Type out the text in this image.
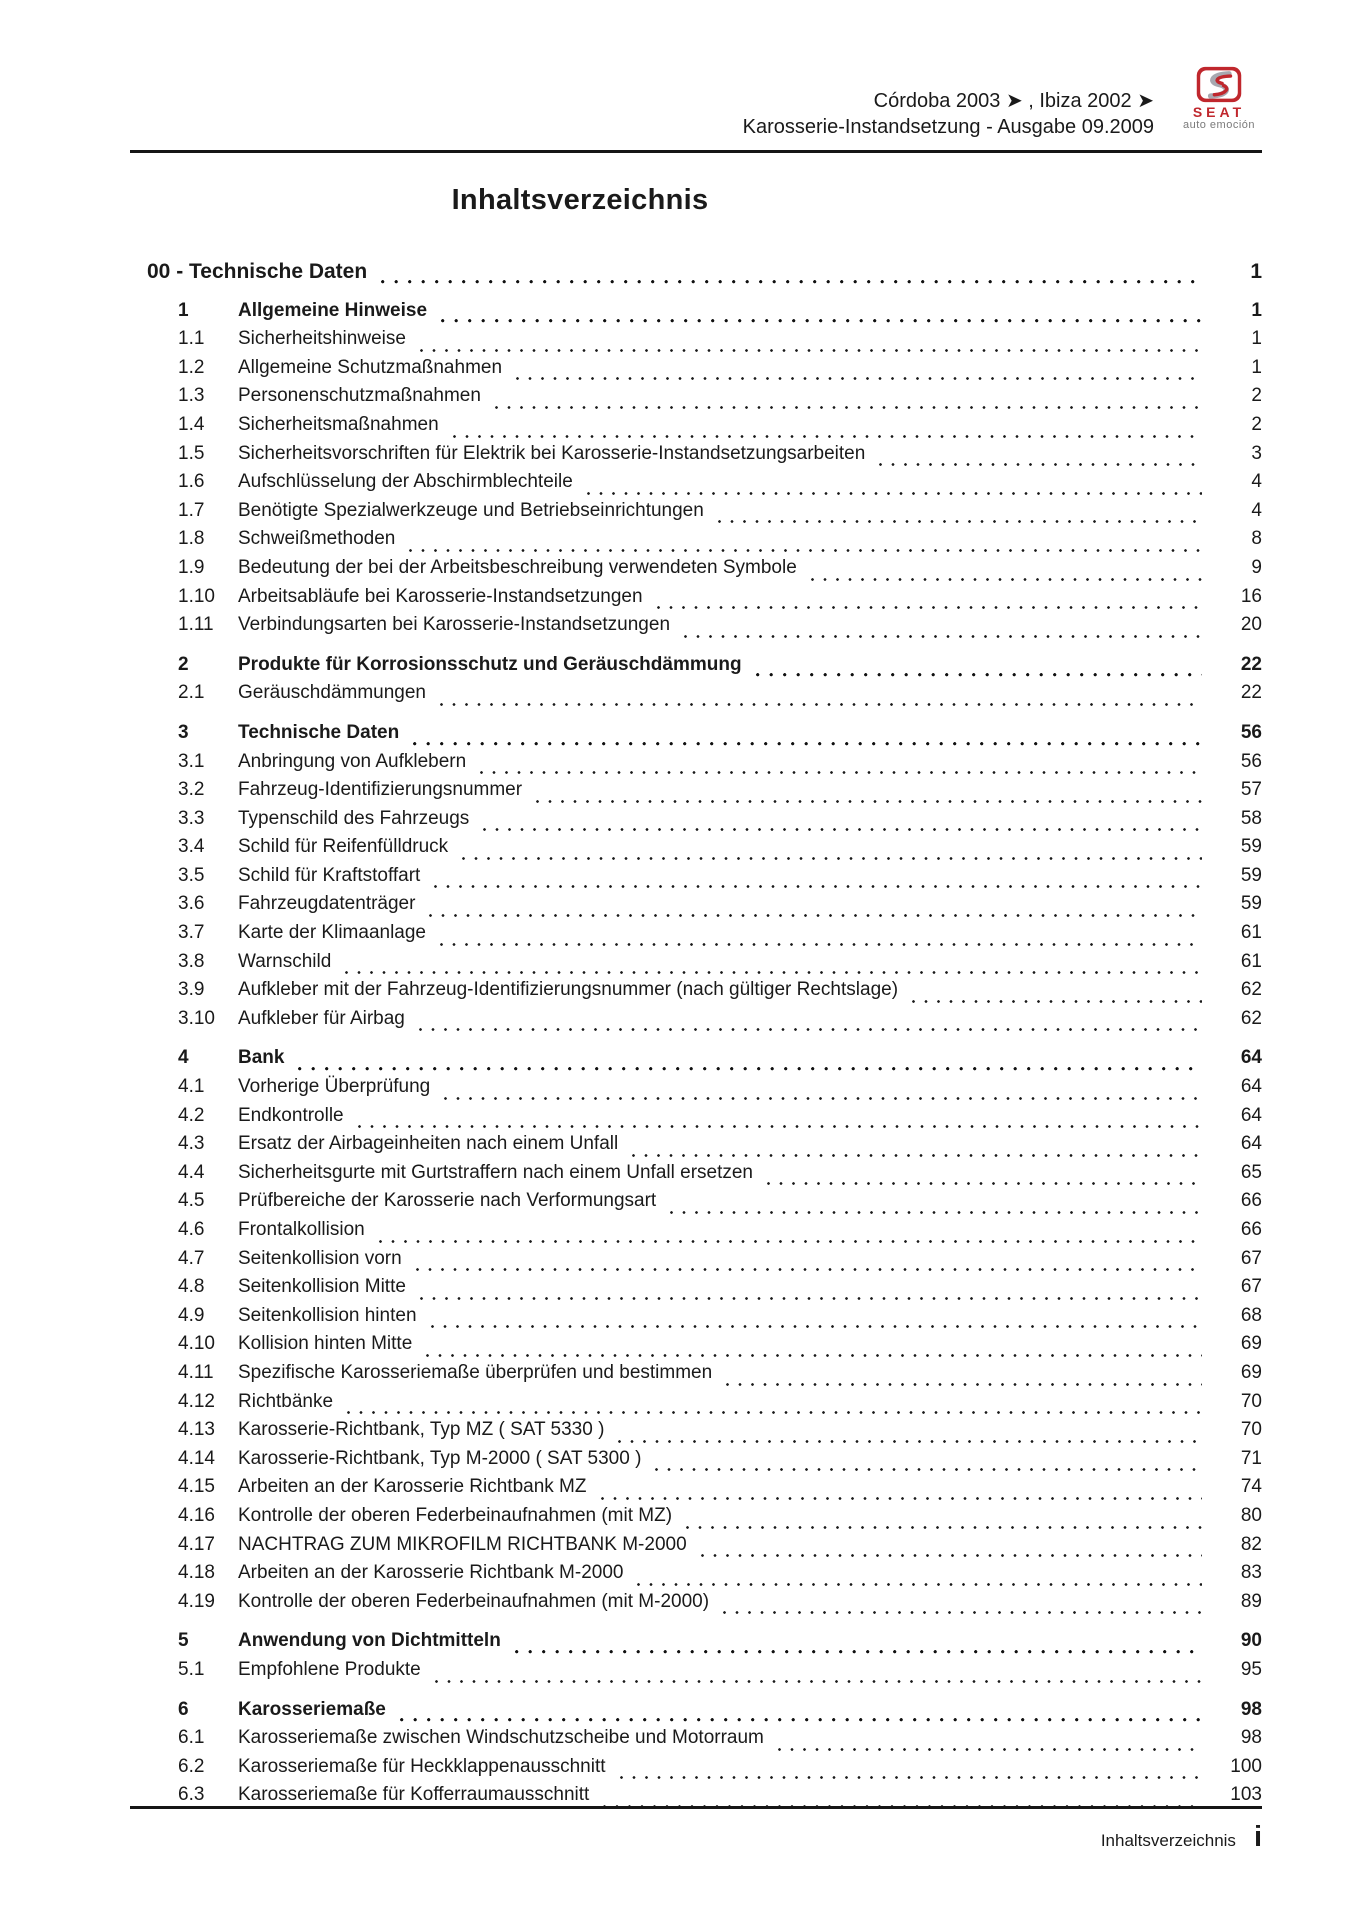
Córdoba 2003 ➤ , Ibiza 2002 ➤
Karosserie-Instandsetzung - Ausgabe 09.2009
SEAT
auto emoción
Inhaltsverzeichnis
00 - Technische Daten	1
1	Allgemeine Hinweise	1
1.1	Sicherheitshinweise	1
1.2	Allgemeine Schutzmaßnahmen	1
1.3	Personenschutzmaßnahmen	2
1.4	Sicherheitsmaßnahmen	2
1.5	Sicherheitsvorschriften für Elektrik bei Karosserie-Instandsetzungsarbeiten	3
1.6	Aufschlüsselung der Abschirmblechteile	4
1.7	Benötigte Spezialwerkzeuge und Betriebseinrichtungen	4
1.8	Schweißmethoden	8
1.9	Bedeutung der bei der Arbeitsbeschreibung verwendeten Symbole	9
1.10	Arbeitsabläufe bei Karosserie-Instandsetzungen	16
1.11	Verbindungsarten bei Karosserie-Instandsetzungen	20
2	Produkte für Korrosionsschutz und Geräuschdämmung	22
2.1	Geräuschdämmungen	22
3	Technische Daten	56
3.1	Anbringung von Aufklebern	56
3.2	Fahrzeug-Identifizierungsnummer	57
3.3	Typenschild des Fahrzeugs	58
3.4	Schild für Reifenfülldruck	59
3.5	Schild für Kraftstoffart	59
3.6	Fahrzeugdatenträger	59
3.7	Karte der Klimaanlage	61
3.8	Warnschild	61
3.9	Aufkleber mit der Fahrzeug-Identifizierungsnummer (nach gültiger Rechtslage)	62
3.10	Aufkleber für Airbag	62
4	Bank	64
4.1	Vorherige Überprüfung	64
4.2	Endkontrolle	64
4.3	Ersatz der Airbageinheiten nach einem Unfall	64
4.4	Sicherheitsgurte mit Gurtstraffern nach einem Unfall ersetzen	65
4.5	Prüfbereiche der Karosserie nach Verformungsart	66
4.6	Frontalkollision	66
4.7	Seitenkollision vorn	67
4.8	Seitenkollision Mitte	67
4.9	Seitenkollision hinten	68
4.10	Kollision hinten Mitte	69
4.11	Spezifische Karosseriemaße überprüfen und bestimmen	69
4.12	Richtbänke	70
4.13	Karosserie-Richtbank, Typ MZ ( SAT 5330 )	70
4.14	Karosserie-Richtbank, Typ M-2000 ( SAT 5300 )	71
4.15	Arbeiten an der Karosserie Richtbank MZ	74
4.16	Kontrolle der oberen Federbeinaufnahmen (mit MZ)	80
4.17	NACHTRAG ZUM MIKROFILM RICHTBANK M-2000	82
4.18	Arbeiten an der Karosserie Richtbank M-2000	83
4.19	Kontrolle der oberen Federbeinaufnahmen (mit M-2000)	89
5	Anwendung von Dichtmitteln	90
5.1	Empfohlene Produkte	95
6	Karosseriemaße	98
6.1	Karosseriemaße zwischen Windschutzscheibe und Motorraum	98
6.2	Karosseriemaße für Heckklappenausschnitt	100
6.3	Karosseriemaße für Kofferraumausschnitt	103
Inhaltsverzeichnis i
